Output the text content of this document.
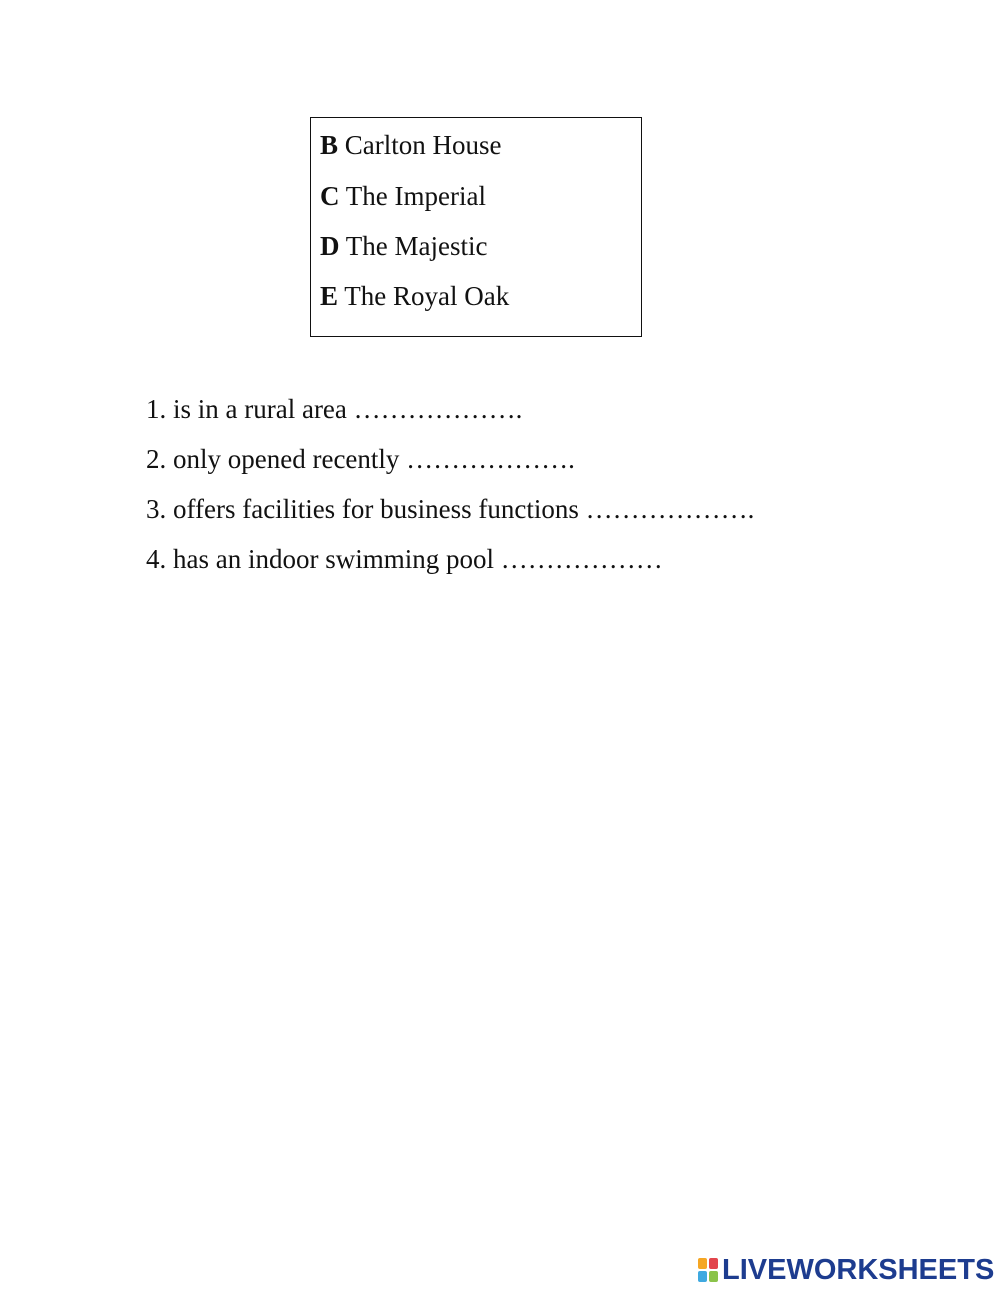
B Carlton House
C The Imperial
D The Majestic
E The Royal Oak
1. is in a rural area ……………….
2. only opened recently ……………….
3. offers facilities for business functions ……………….
4. has an indoor swimming pool ………………
LIVEWORKSHEETS
